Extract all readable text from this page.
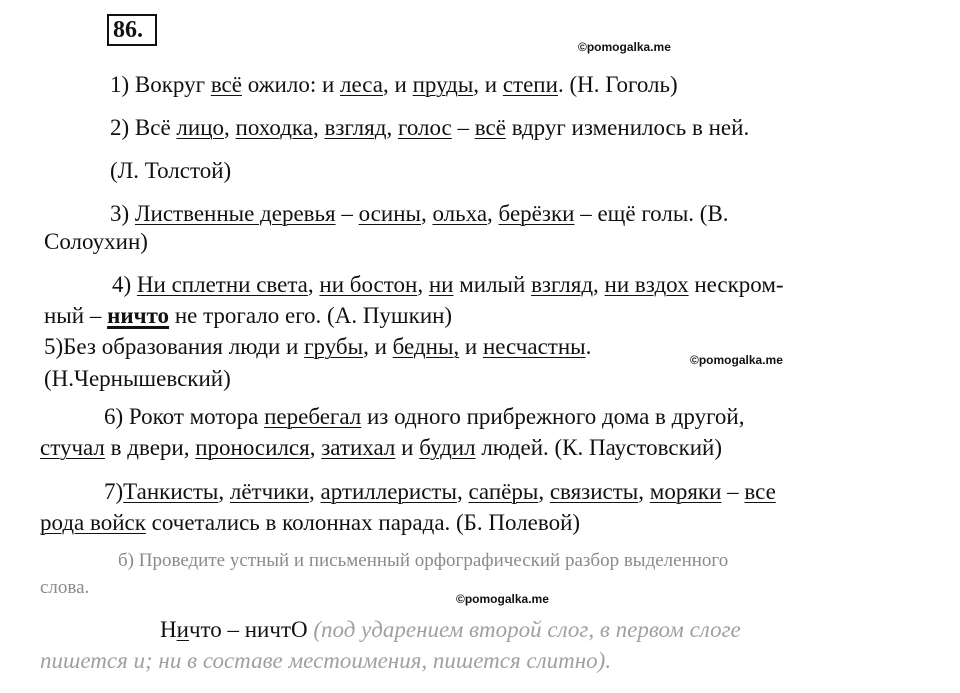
86.
©pomogalka.me
1) Вокруг всё ожило: и леса, и пруды, и степи. (Н. Гоголь)
2) Всё лицо, походка, взгляд, голос – всё вдруг изменилось в ней.
(Л. Толстой)
3) Лиственные деревья – осины, ольха, берёзки – ещё голы. (В.
Солоухин)
4) Ни сплетни света, ни бостон, ни милый взгляд, ни вздох нескром-
ный – ничто не трогало его. (А. Пушкин)
5)Без образования люди и грубы, и бедны, и несчастны.
©pomogalka.me
(Н.Чернышевский)
6) Рокот мотора перебегал из одного прибрежного дома в другой,
стучал в двери, проносился, затихал и будил людей. (К. Паустовский)
7)Танкисты, лётчики, артиллеристы, сапёры, связисты, моряки – все
рода войск сочетались в колоннах парада. (Б. Полевой)
б) Проведите устный и письменный орфографический разбор выделенного
слова.
©pomogalka.me
Ничто – ничтО (под ударением второй слог, в первом слоге
пишется и; ни в составе местоимения, пишется слитно).
